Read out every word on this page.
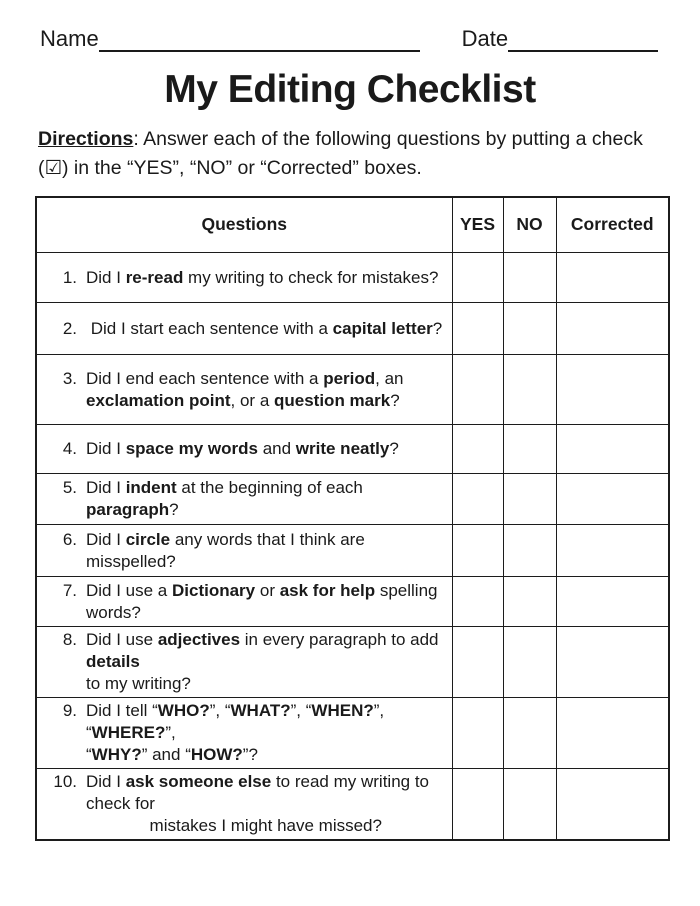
Name	Date
My Editing Checklist
Directions: Answer each of the following questions by putting a check (☑) in the “YES”, “NO” or “Corrected” boxes.
Questions	YES	NO	Corrected

1. Did I re-read my writing to check for mistakes?			

2. Did I start each sentence with a capital letter?			

3. Did I end each sentence with a period, an
exclamation point, or a question mark?			

4. Did I space my words and write neatly?			

5. Did I indent at the beginning of each paragraph?			

6. Did I circle any words that I think are misspelled?			

7. Did I use a Dictionary or ask for help spelling words?			

8. Did I use adjectives in every paragraph to add details
to my writing?			

9. Did I tell “WHO?”, “WHAT?”, “WHEN?”, “WHERE?”,
“WHY?” and “HOW?”?			

10. Did I ask someone else to read my writing to check for
mistakes I might have missed?			
